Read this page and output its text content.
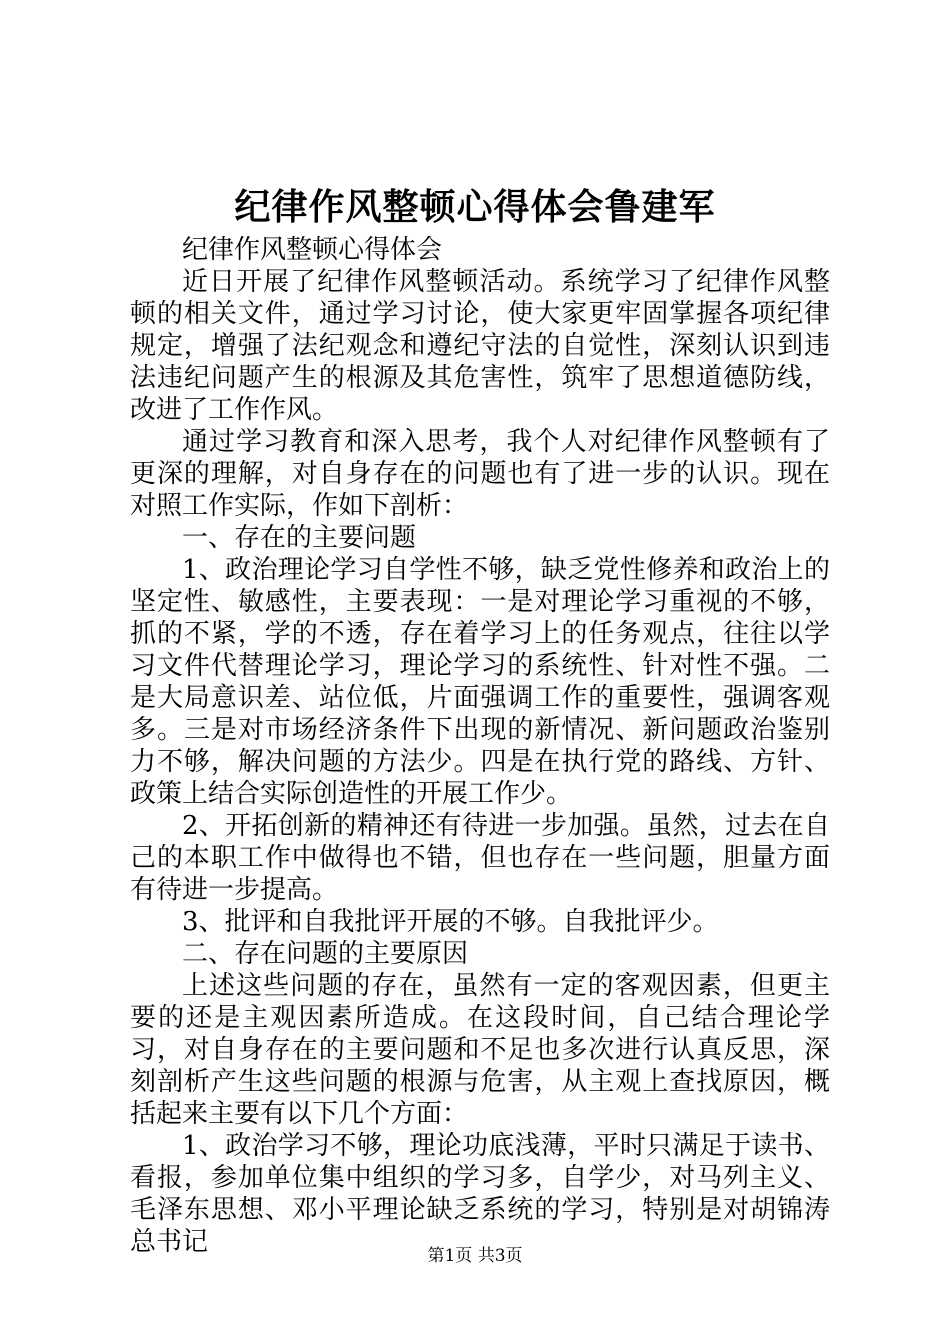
纪律作风整顿心得体会鲁建军

纪律作风整顿心得体会

近日开展了纪律作风整顿活动。系统学习了纪律作风整顿的相关文件，通过学习讨论，使大家更牢固掌握各项纪律规定，增强了法纪观念和遵纪守法的自觉性，深刻认识到违法违纪问题产生的根源及其危害性，筑牢了思想道德防线，改进了工作作风。

通过学习教育和深入思考，我个人对纪律作风整顿有了更深的理解，对自身存在的问题也有了进一步的认识。现在对照工作实际，作如下剖析：

一、存在的主要问题

1、政治理论学习自学性不够，缺乏党性修养和政治上的坚定性、敏感性，主要表现：一是对理论学习重视的不够，抓的不紧，学的不透，存在着学习上的任务观点，往往以学习文件代替理论学习，理论学习的系统性、针对性不强。二是大局意识差、站位低，片面强调工作的重要性，强调客观多。三是对市场经济条件下出现的新情况、新问题政治鉴别力不够，解决问题的方法少。四是在执行党的路线、方针、政策上结合实际创造性的开展工作少。

2、开拓创新的精神还有待进一步加强。虽然，过去在自己的本职工作中做得也不错，但也存在一些问题，胆量方面有待进一步提高。

3、批评和自我批评开展的不够。自我批评少。

二、存在问题的主要原因

上述这些问题的存在，虽然有一定的客观因素，但更主要的还是主观因素所造成。在这段时间，自己结合理论学习，对自身存在的主要问题和不足也多次进行认真反思，深刻剖析产生这些问题的根源与危害，从主观上查找原因，概括起来主要有以下几个方面：

1、政治学习不够，理论功底浅薄，平时只满足于读书、看报，参加单位集中组织的学习多，自学少，对马列主义、毛泽东思想、邓小平理论缺乏系统的学习，特别是对胡锦涛总书记	第1页 共3页
